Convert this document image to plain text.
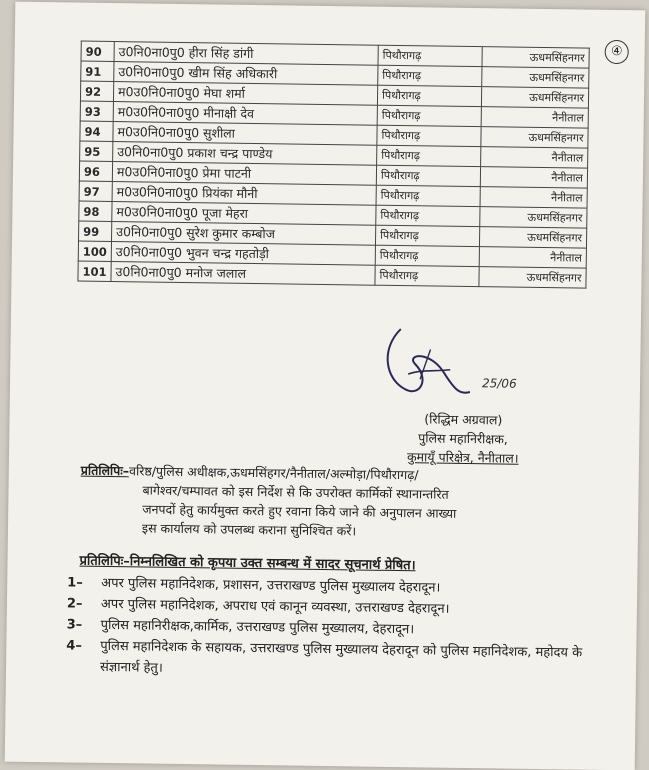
④
90	उ0नि0ना0पु0 हीरा सिंह डांगी	पिथौरागढ़	ऊधमसिंहनगर
91	उ0नि0ना0पु0 खीम सिंह अधिकारी	पिथौरागढ़	ऊधमसिंहनगर
92	म0उ0नि0ना0पु0 मेघा शर्मा	पिथौरागढ़	ऊधमसिंहनगर
93	म0उ0नि0ना0पु0 मीनाक्षी देव	पिथौरागढ़	नैनीताल
94	म0उ0नि0ना0पु0 सुशीला	पिथौरागढ़	ऊधमसिंहनगर
95	उ0नि0ना0पु0 प्रकाश चन्द्र पाण्डेय	पिथौरागढ़	नैनीताल
96	म0उ0नि0ना0पु0 प्रेमा पाटनी	पिथौरागढ़	नैनीताल
97	म0उ0नि0ना0पु0 प्रियंका मौनी	पिथौरागढ़	नैनीताल
98	म0उ0नि0ना0पु0 पूजा मेहरा	पिथौरागढ़	ऊधमसिंहनगर
99	उ0नि0ना0पु0 सुरेश कुमार कम्बोज	पिथौरागढ़	ऊधमसिंहनगर
100	उ0नि0ना0पु0 भुवन चन्द्र गहतोड़ी	पिथौरागढ़	नैनीताल
101	उ0नि0ना0पु0 मनोज जलाल	पिथौरागढ़	ऊधमसिंहनगर
25/06
(रिद्धिम अग्रवाल)
पुलिस महानिरीक्षक,
कुमायूँ परिक्षेत्र, नैनीताल।
प्रतिलिपिः–वरिष्ठ/पुलिस अधीक्षक,ऊधमसिंहगर/नैनीताल/अल्मोड़ा/पिथौरागढ़/
बागेश्वर/चम्पावत को इस निर्देश से कि उपरोक्त कार्मिकों स्थानान्तरित
जनपदों हेतु कार्यमुक्त करते हुए रवाना किये जाने की अनुपालन आख्या
इस कार्यालय को उपलब्ध कराना सुनिश्चित करें।
प्रतिलिपिः–निम्नलिखित को कृपया उक्त सम्बन्ध में सादर सूचनार्थ प्रेषित।
1–	अपर पुलिस महानिदेशक, प्रशासन, उत्तराखण्ड पुलिस मुख्यालय देहरादून।
2–	अपर पुलिस महानिदेशक, अपराध एवं कानून व्यवस्था, उत्तराखण्ड देहरादून।
3–	पुलिस महानिरीक्षक,कार्मिक, उत्तराखण्ड पुलिस मुख्यालय, देहरादून।
4–	पुलिस महानिदेशक के सहायक, उत्तराखण्ड पुलिस मुख्यालय देहरादून को पुलिस महानिदेशक, महोदय के संज्ञानार्थ हेतु।
